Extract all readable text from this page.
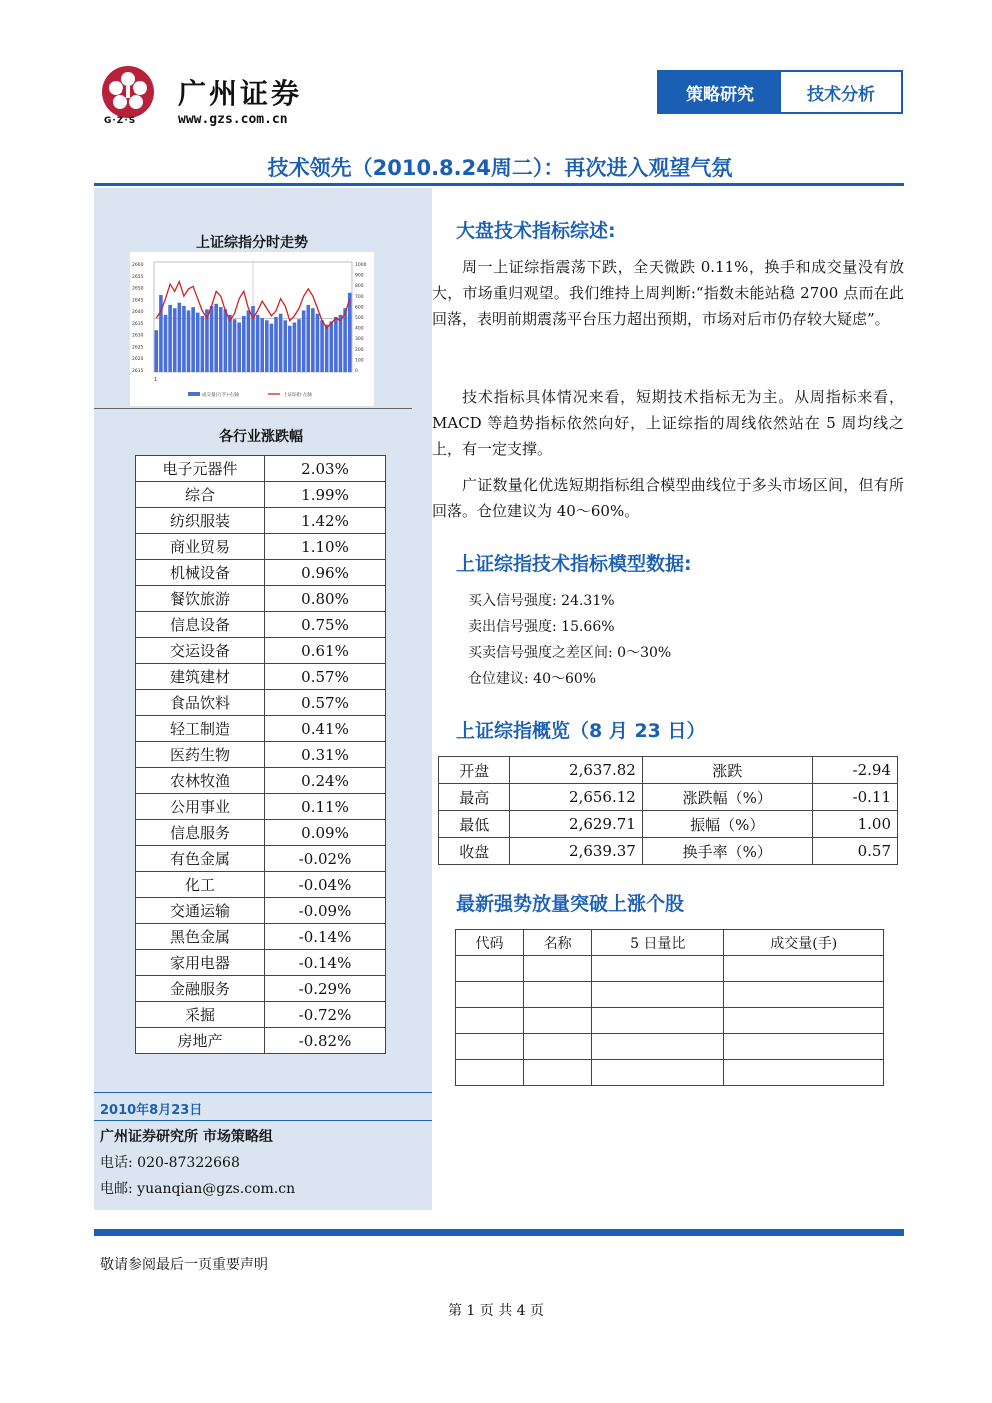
广州证券
G·Z·S	www.gzs.com.cn
策略研究	技术分析
技术领先（2010.8.24周二）：再次进入观望气氛
上证综指分时走势
2660
2655
2650
2645
2640
2635
2630
2625
2620
2615
1000
900
800
700
600
500
400
300
200
100
0
1
成交量(万手)-右轴	上证综指-左轴
各行业涨跌幅
电子元器件	2.03%
综合	1.99%
纺织服装	1.42%
商业贸易	1.10%
机械设备	0.96%
餐饮旅游	0.80%
信息设备	0.75%
交运设备	0.61%
建筑建材	0.57%
食品饮料	0.57%
轻工制造	0.41%
医药生物	0.31%
农林牧渔	0.24%
公用事业	0.11%
信息服务	0.09%
有色金属	-0.02%
化工	-0.04%
交通运输	-0.09%
黑色金属	-0.14%
家用电器	-0.14%
金融服务	-0.29%
采掘	-0.72%
房地产	-0.82%
2010年8月23日
广州证券研究所 市场策略组
电话: 020-87322668
电邮: yuanqian@gzs.com.cn
大盘技术指标综述:
周一上证综指震荡下跌，全天微跌 0.11%，换手和成交量没有放大，市场重归观望。我们维持上周判断:“指数未能站稳 2700 点而在此回落，表明前期震荡平台压力超出预期，市场对后市仍存较大疑虑”。
技术指标具体情况来看，短期技术指标无为主。从周指标来看，MACD 等趋势指标依然向好，上证综指的周线依然站在 5 周均线之上，有一定支撑。
广证数量化优选短期指标组合模型曲线位于多头市场区间，但有所回落。仓位建议为 40～60%。
上证综指技术指标模型数据:
买入信号强度: 24.31%
卖出信号强度: 15.66%
买卖信号强度之差区间: 0～30%
仓位建议: 40～60%
上证综指概览（8 月 23 日）
开盘	2,637.82	涨跌	-2.94
最高	2,656.12	涨跌幅（%）	-0.11
最低	2,629.71	振幅（%）	1.00
收盘	2,639.37	换手率（%）	0.57
最新强势放量突破上涨个股
代码	名称	5 日量比	成交量(手)

敬请参阅最后一页重要声明
第 1 页 共 4 页
